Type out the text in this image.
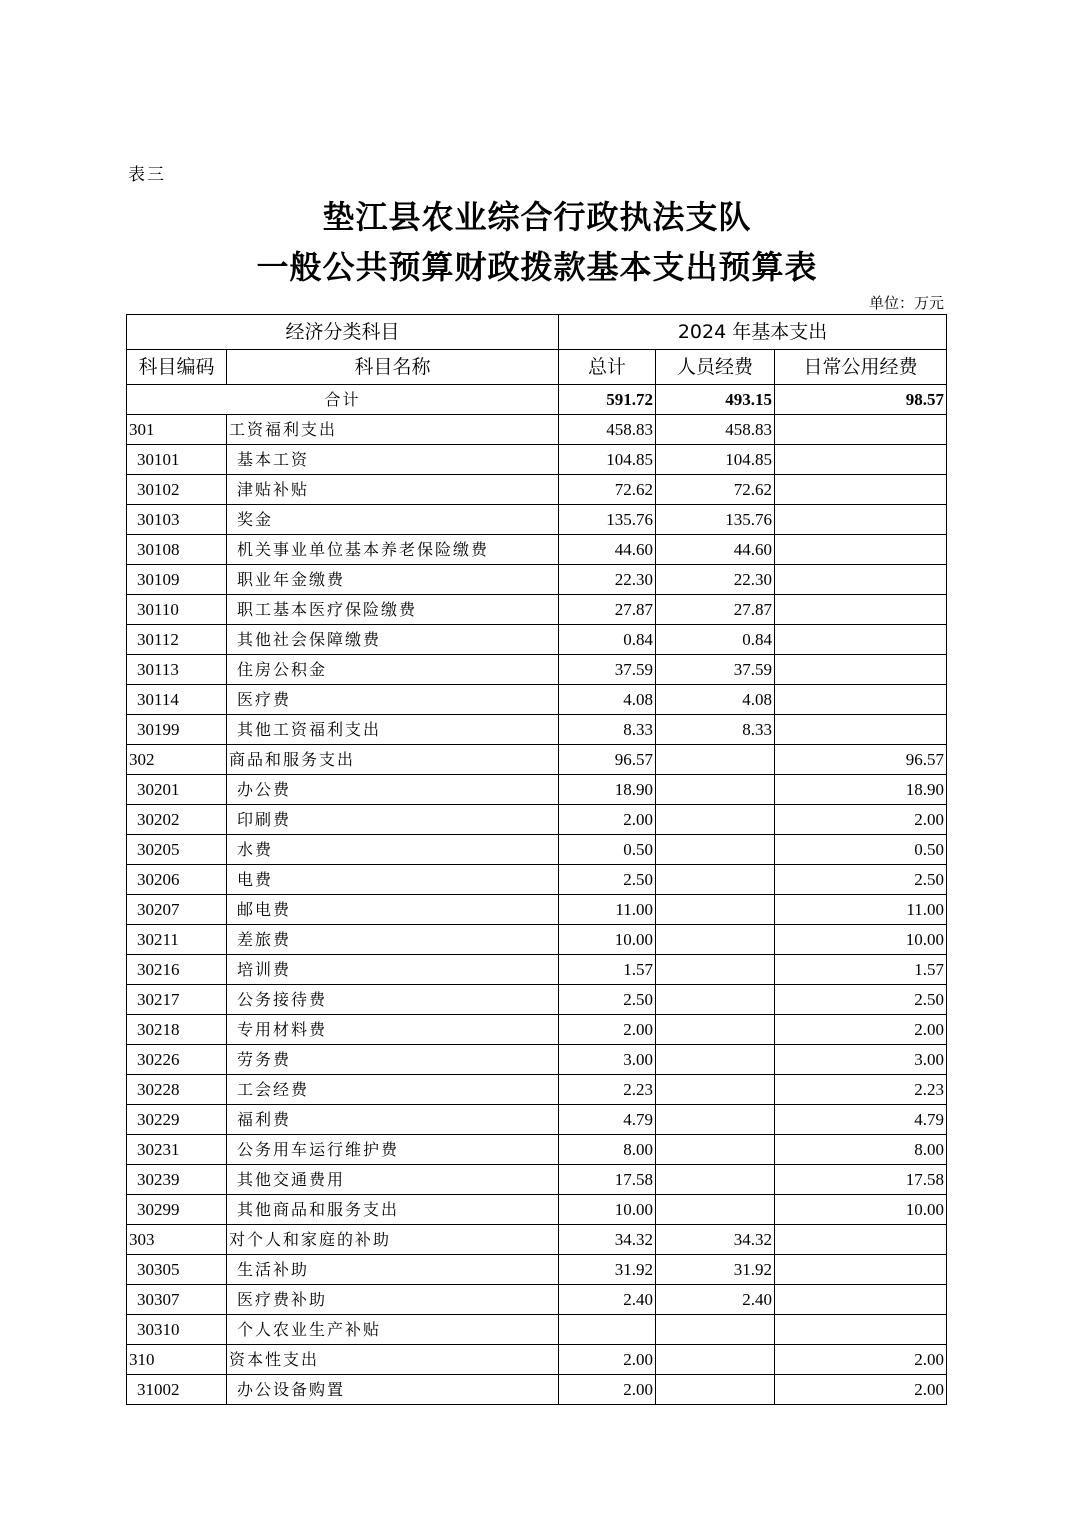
表三
垫江县农业综合行政执法支队
一般公共预算财政拨款基本支出预算表
单位：万元
经济分类科目		2024 年基本支出		
科目编码	科目名称	总计	人员经费	日常公用经费
合计		591.72	493.15	98.57
301	工资福利支出	458.83	458.83	
30101	基本工资	104.85	104.85	
30102	津贴补贴	72.62	72.62	
30103	奖金	135.76	135.76	
30108	机关事业单位基本养老保险缴费	44.60	44.60	
30109	职业年金缴费	22.30	22.30	
30110	职工基本医疗保险缴费	27.87	27.87	
30112	其他社会保障缴费	0.84	0.84	
30113	住房公积金	37.59	37.59	
30114	医疗费	4.08	4.08	
30199	其他工资福利支出	8.33	8.33	
302	商品和服务支出	96.57		96.57
30201	办公费	18.90		18.90
30202	印刷费	2.00		2.00
30205	水费	0.50		0.50
30206	电费	2.50		2.50
30207	邮电费	11.00		11.00
30211	差旅费	10.00		10.00
30216	培训费	1.57		1.57
30217	公务接待费	2.50		2.50
30218	专用材料费	2.00		2.00
30226	劳务费	3.00		3.00
30228	工会经费	2.23		2.23
30229	福利费	4.79		4.79
30231	公务用车运行维护费	8.00		8.00
30239	其他交通费用	17.58		17.58
30299	其他商品和服务支出	10.00		10.00
303	对个人和家庭的补助	34.32	34.32	
30305	生活补助	31.92	31.92	
30307	医疗费补助	2.40	2.40	
30310	个人农业生产补贴			
310	资本性支出	2.00		2.00
31002	办公设备购置	2.00		2.00
